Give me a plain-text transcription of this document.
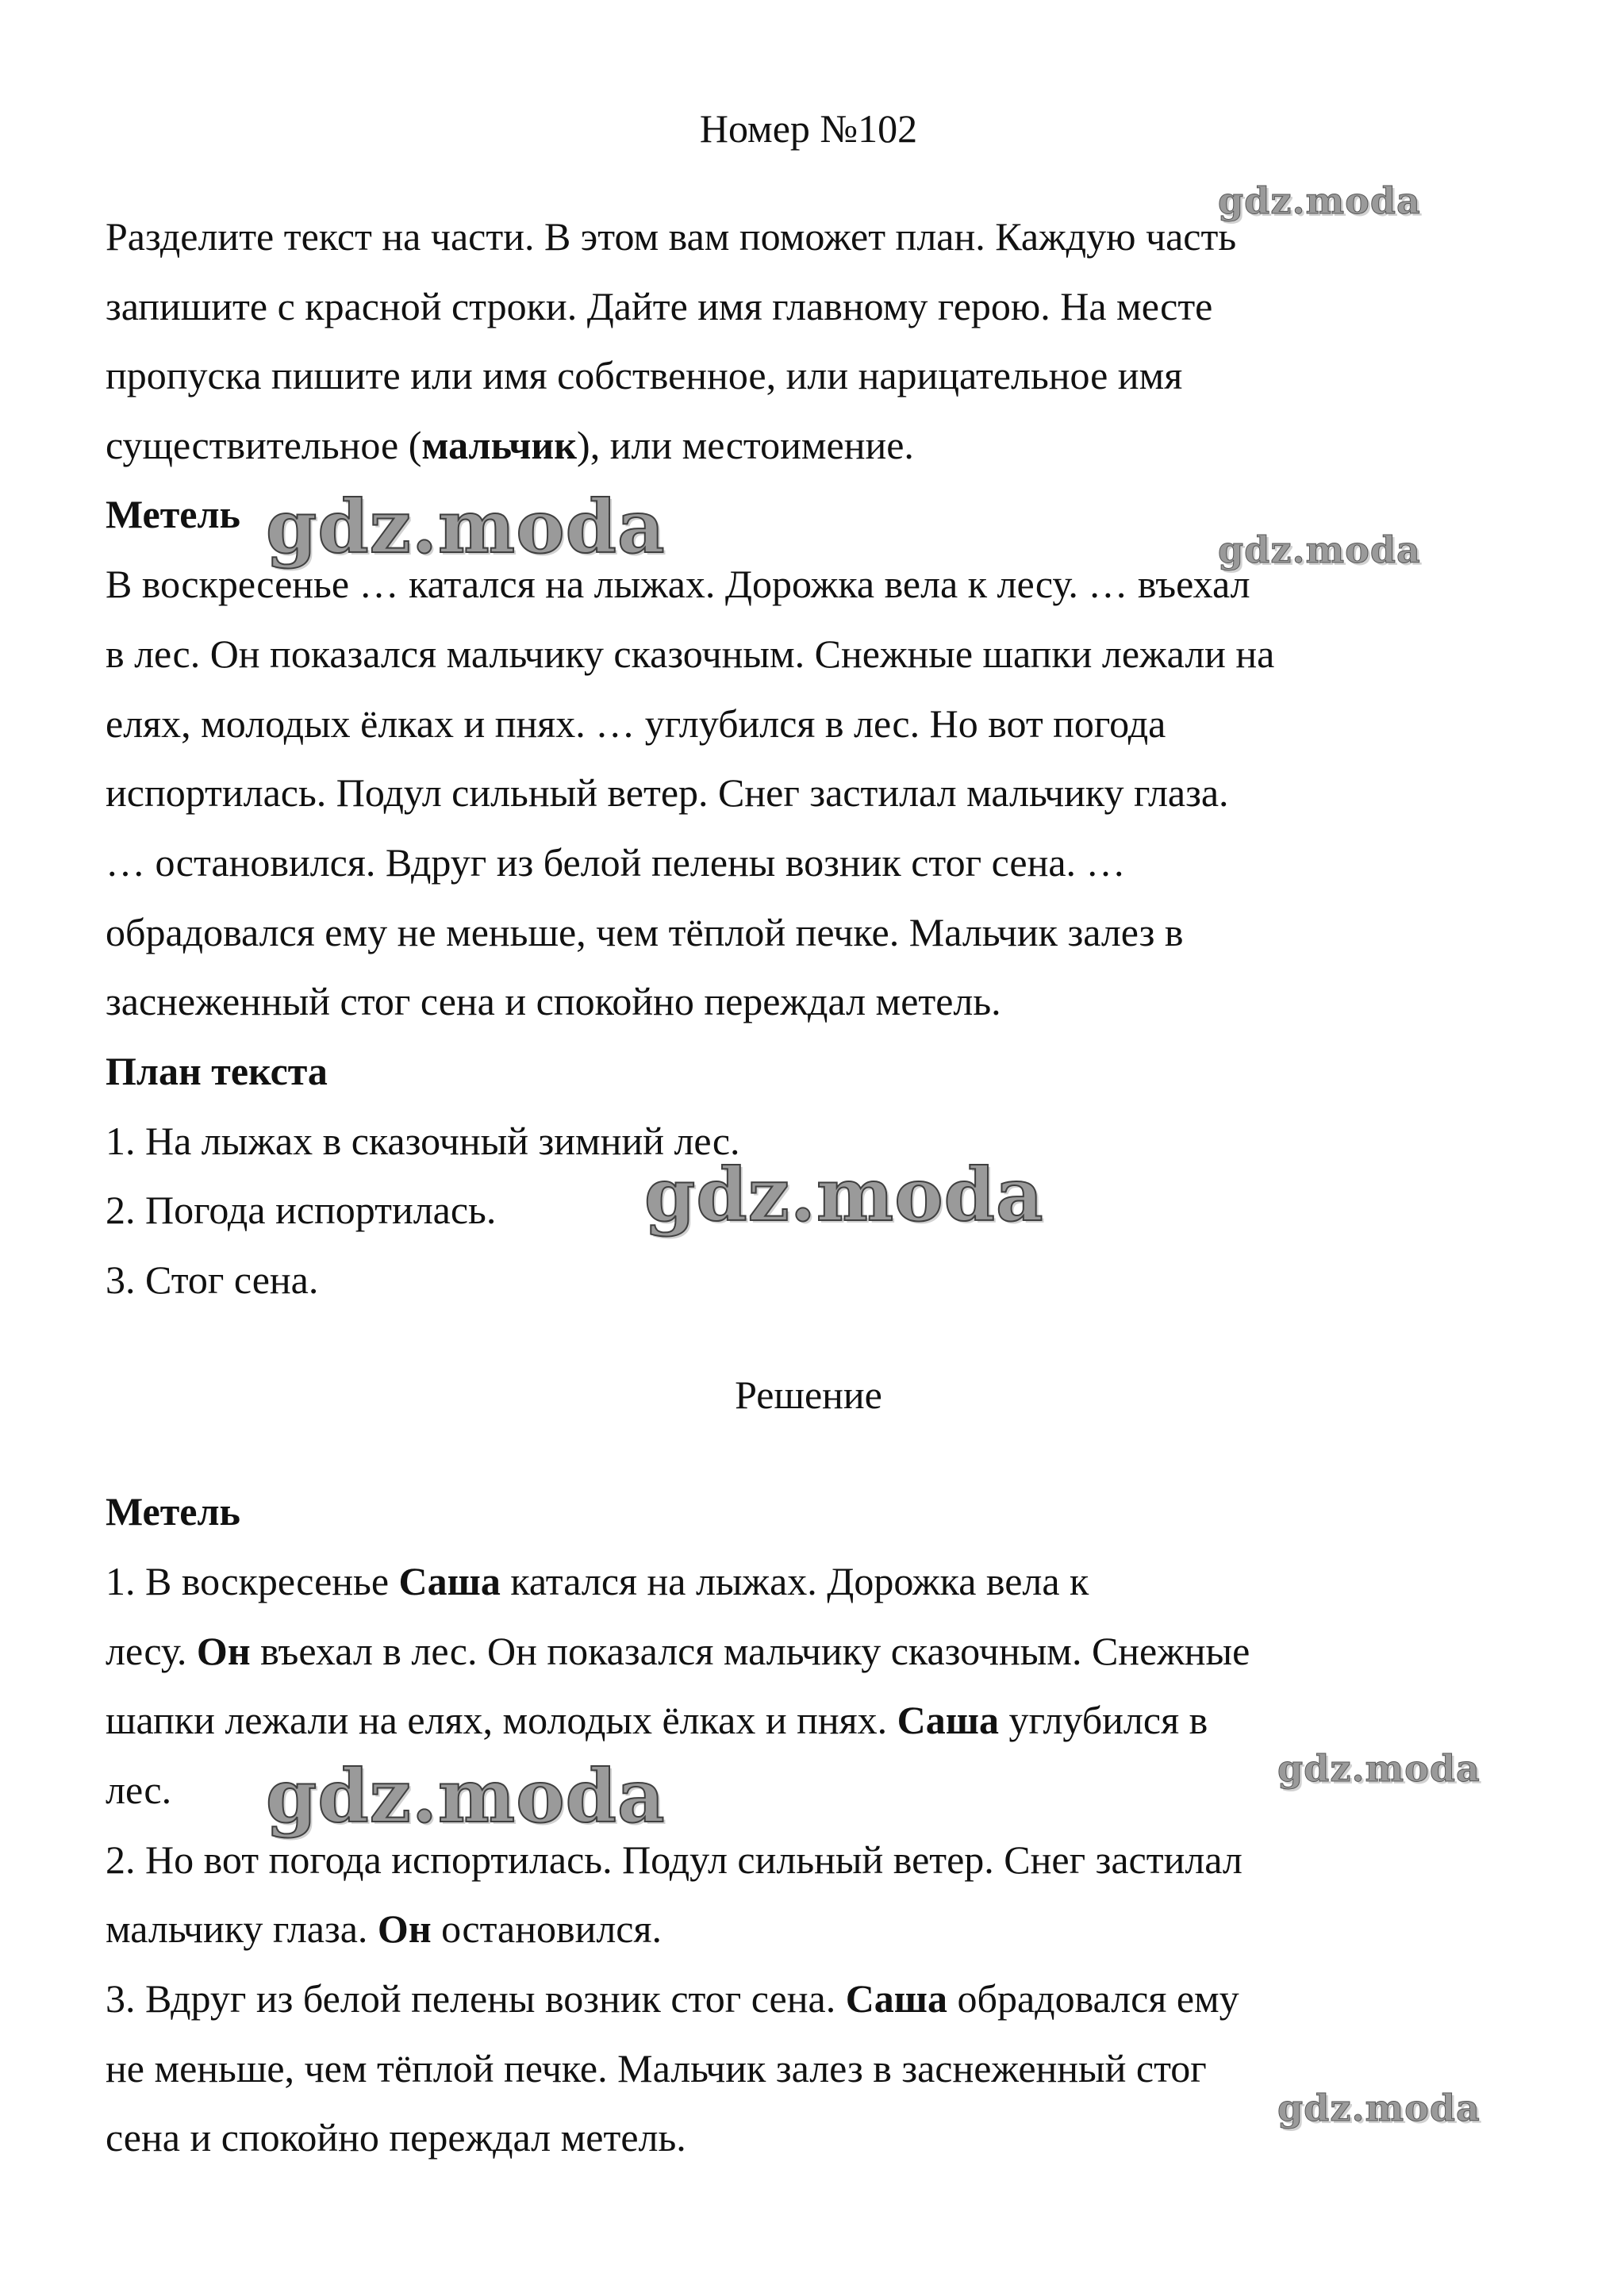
Номер №102

Разделите текст на части. В этом вам поможет план. Каждую часть

запишите с красной строки. Дайте имя главному герою. На месте

пропуска пишите или имя собственное, или нарицательное имя

существительное (мальчик), или местоимение.

Метель

В воскресенье … катался на лыжах. Дорожка вела к лесу. … въехал

в лес. Он показался мальчику сказочным. Снежные шапки лежали на

елях, молодых ёлках и пнях. … углубился в лес. Но вот погода

испортилась. Подул сильный ветер. Снег застилал мальчику глаза.

… остановился. Вдруг из белой пелены возник стог сена. …

обрадовался ему не меньше, чем тёплой печке. Мальчик залез в

заснеженный стог сена и спокойно переждал метель.

План текста

1. На лыжах в сказочный зимний лес.

2. Погода испортилась.

3. Стог сена.

Решение

Метель

1. В воскресенье Саша катался на лыжах. Дорожка вела к

лесу. Он въехал в лес. Он показался мальчику сказочным. Снежные

шапки лежали на елях, молодых ёлках и пнях. Саша углубился в

лес.

2. Но вот погода испортилась. Подул сильный ветер. Снег застилал

мальчику глаза. Он остановился.

3. Вдруг из белой пелены возник стог сена. Саша обрадовался ему

не меньше, чем тёплой печке. Мальчик залез в заснеженный стог

сена и спокойно переждал метель.

gdz.moda
gdz.moda	gdz.moda
gdz.moda
gdz.moda
gdz.moda
gdz.moda
